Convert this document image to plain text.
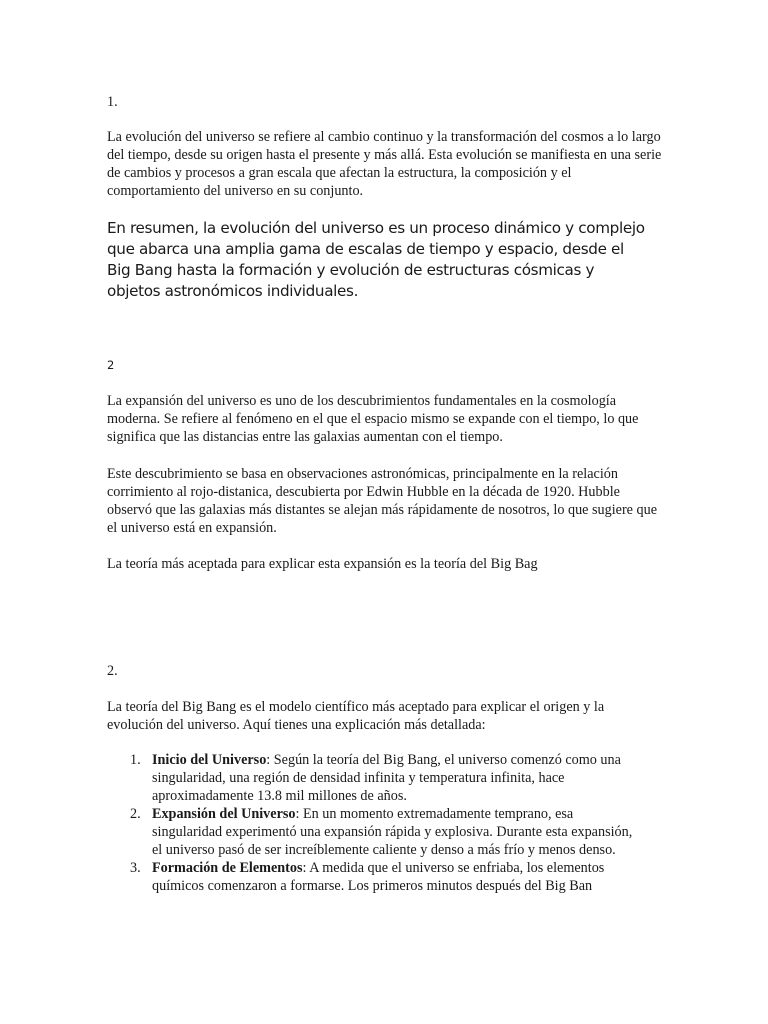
1.

La evolución del universo se refiere al cambio continuo y la transformación del cosmos a lo largo del tiempo, desde su origen hasta el presente y más allá. Esta evolución se manifiesta en una serie de cambios y procesos a gran escala que afectan la estructura, la composición y el comportamiento del universo en su conjunto.

En resumen, la evolución del universo es un proceso dinámico y complejo que abarca una amplia gama de escalas de tiempo y espacio, desde el Big Bang hasta la formación y evolución de estructuras cósmicas y objetos astronómicos individuales.

2

La expansión del universo es uno de los descubrimientos fundamentales en la cosmología moderna. Se refiere al fenómeno en el que el espacio mismo se expande con el tiempo, lo que significa que las distancias entre las galaxias aumentan con el tiempo.

Este descubrimiento se basa en observaciones astronómicas, principalmente en la relación corrimiento al rojo-distanica, descubierta por Edwin Hubble en la década de 1920. Hubble observó que las galaxias más distantes se alejan más rápidamente de nosotros, lo que sugiere que el universo está en expansión.

La teoría más aceptada para explicar esta expansión es la teoría del Big Bag

2.

La teoría del Big Bang es el modelo científico más aceptado para explicar el origen y la evolución del universo. Aquí tienes una explicación más detallada:

1. Inicio del Universo: Según la teoría del Big Bang, el universo comenzó como una singularidad, una región de densidad infinita y temperatura infinita, hace aproximadamente 13.8 mil millones de años.
2. Expansión del Universo: En un momento extremadamente temprano, esa singularidad experimentó una expansión rápida y explosiva. Durante esta expansión, el universo pasó de ser increíblemente caliente y denso a más frío y menos denso.
3. Formación de Elementos: A medida que el universo se enfriaba, los elementos químicos comenzaron a formarse. Los primeros minutos después del Big Ban
